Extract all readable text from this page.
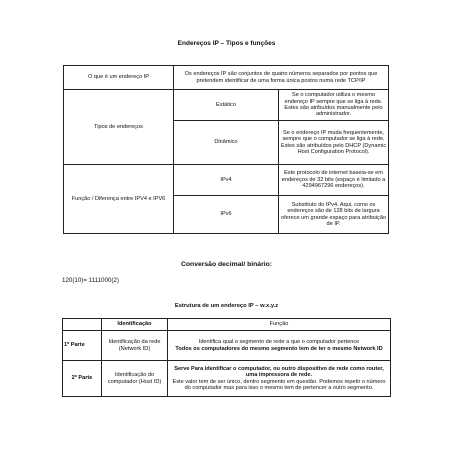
Endereços IP – Tipos e funções
O que é um endereço IP	Os endereços IP são conjuntos de quatro números separados por pontos que pretendem identificar de uma forma única postos numa rede TCP/IP	
Tipos de endereços	Estático	Se o computador utiliza o mesmo endereço IP sempre que se liga à rede. Estes são atribuídos manualmente pelo administrador.
	Dinâmico	Se o endereço IP muda frequentemente, sempre que o computador se liga à rede. Estes são atribuídos pelo DHCP (Dynamic Host Configuration Protocol).
Função / Diferença entre IPV4 e IPV6	IPv4	Este protocolo de internet baseia-se em endereços de 32 bits (espaço é limitado a 4294967296 endereços).
	IPv6	Substituto do IPv4. Aqui, como os endereços são de 128 bits de largura oferece um grande espaço para atribuição de IP.
Conversão decimal/ binário:
120(10)= 1111000(2)
Estrutura de um endereço IP – w.x.y.z
	Identificação	Função
1º Parte	Identificação da rede (Network ID)	Identifica qual o segmento de rede a que o computador pertence
Todos os computadores do mesmo segmento tem de ter o mesmo Network ID
2º Parte	Identificação do computador (Host ID)	Serve Para identificar o computador, ou outro dispositivo de rede como router, uma impressora de rede.
Este valor tem de ser único, dentro segmento em questão. Podemos repetir o número do computador mas para isso o mesmo tem de pertencer a outro segmento.
